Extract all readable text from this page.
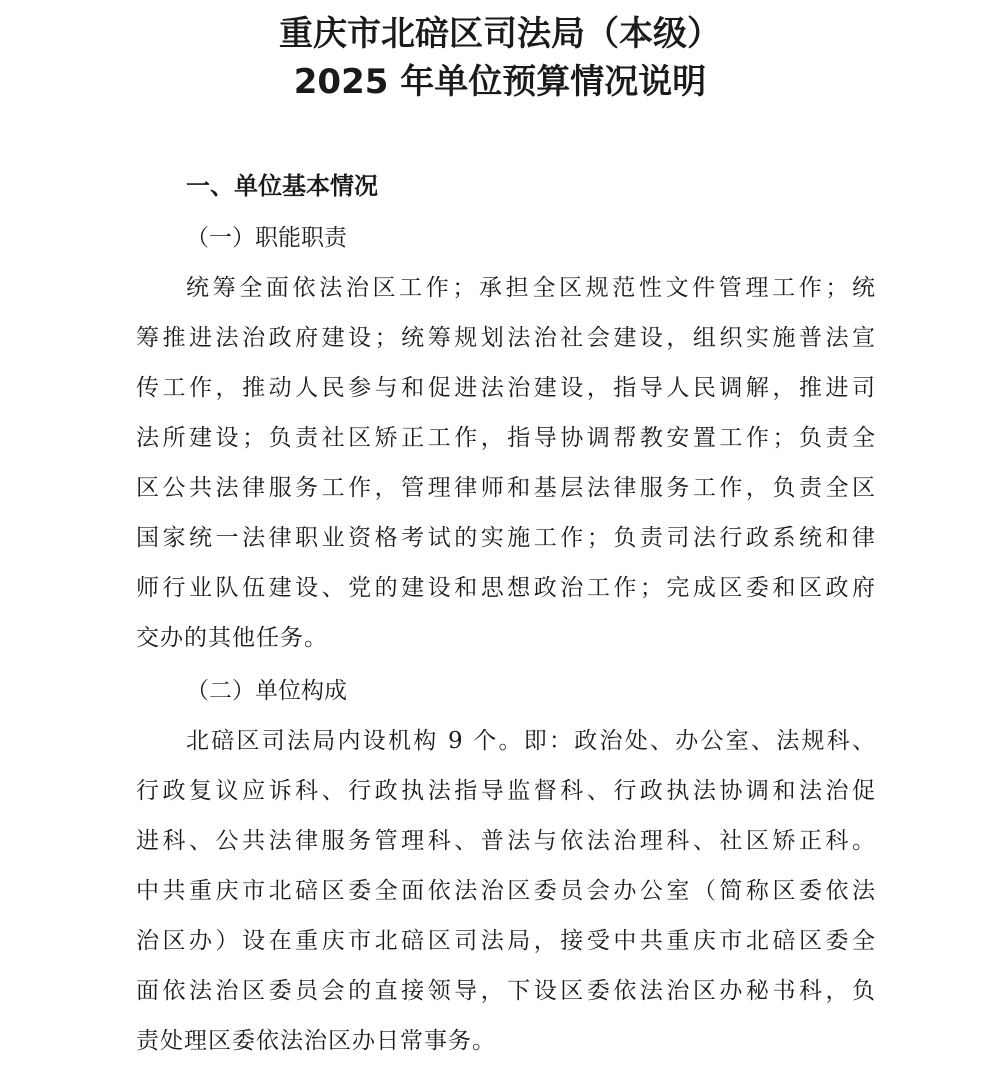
重庆市北碚区司法局（本级）
2025 年单位预算情况说明
一、单位基本情况
（一）职能职责
统筹全面依法治区工作；承担全区规范性文件管理工作；统
筹推进法治政府建设；统筹规划法治社会建设，组织实施普法宣
传工作，推动人民参与和促进法治建设，指导人民调解，推进司
法所建设；负责社区矫正工作，指导协调帮教安置工作；负责全
区公共法律服务工作，管理律师和基层法律服务工作，负责全区
国家统一法律职业资格考试的实施工作；负责司法行政系统和律
师行业队伍建设、党的建设和思想政治工作；完成区委和区政府
交办的其他任务。
（二）单位构成
北碚区司法局内设机构 9 个。即：政治处、办公室、法规科、
行政复议应诉科、行政执法指导监督科、行政执法协调和法治促
进科、公共法律服务管理科、普法与依法治理科、社区矫正科。
中共重庆市北碚区委全面依法治区委员会办公室（简称区委依法
治区办）设在重庆市北碚区司法局，接受中共重庆市北碚区委全
面依法治区委员会的直接领导，下设区委依法治区办秘书科，负
责处理区委依法治区办日常事务。
